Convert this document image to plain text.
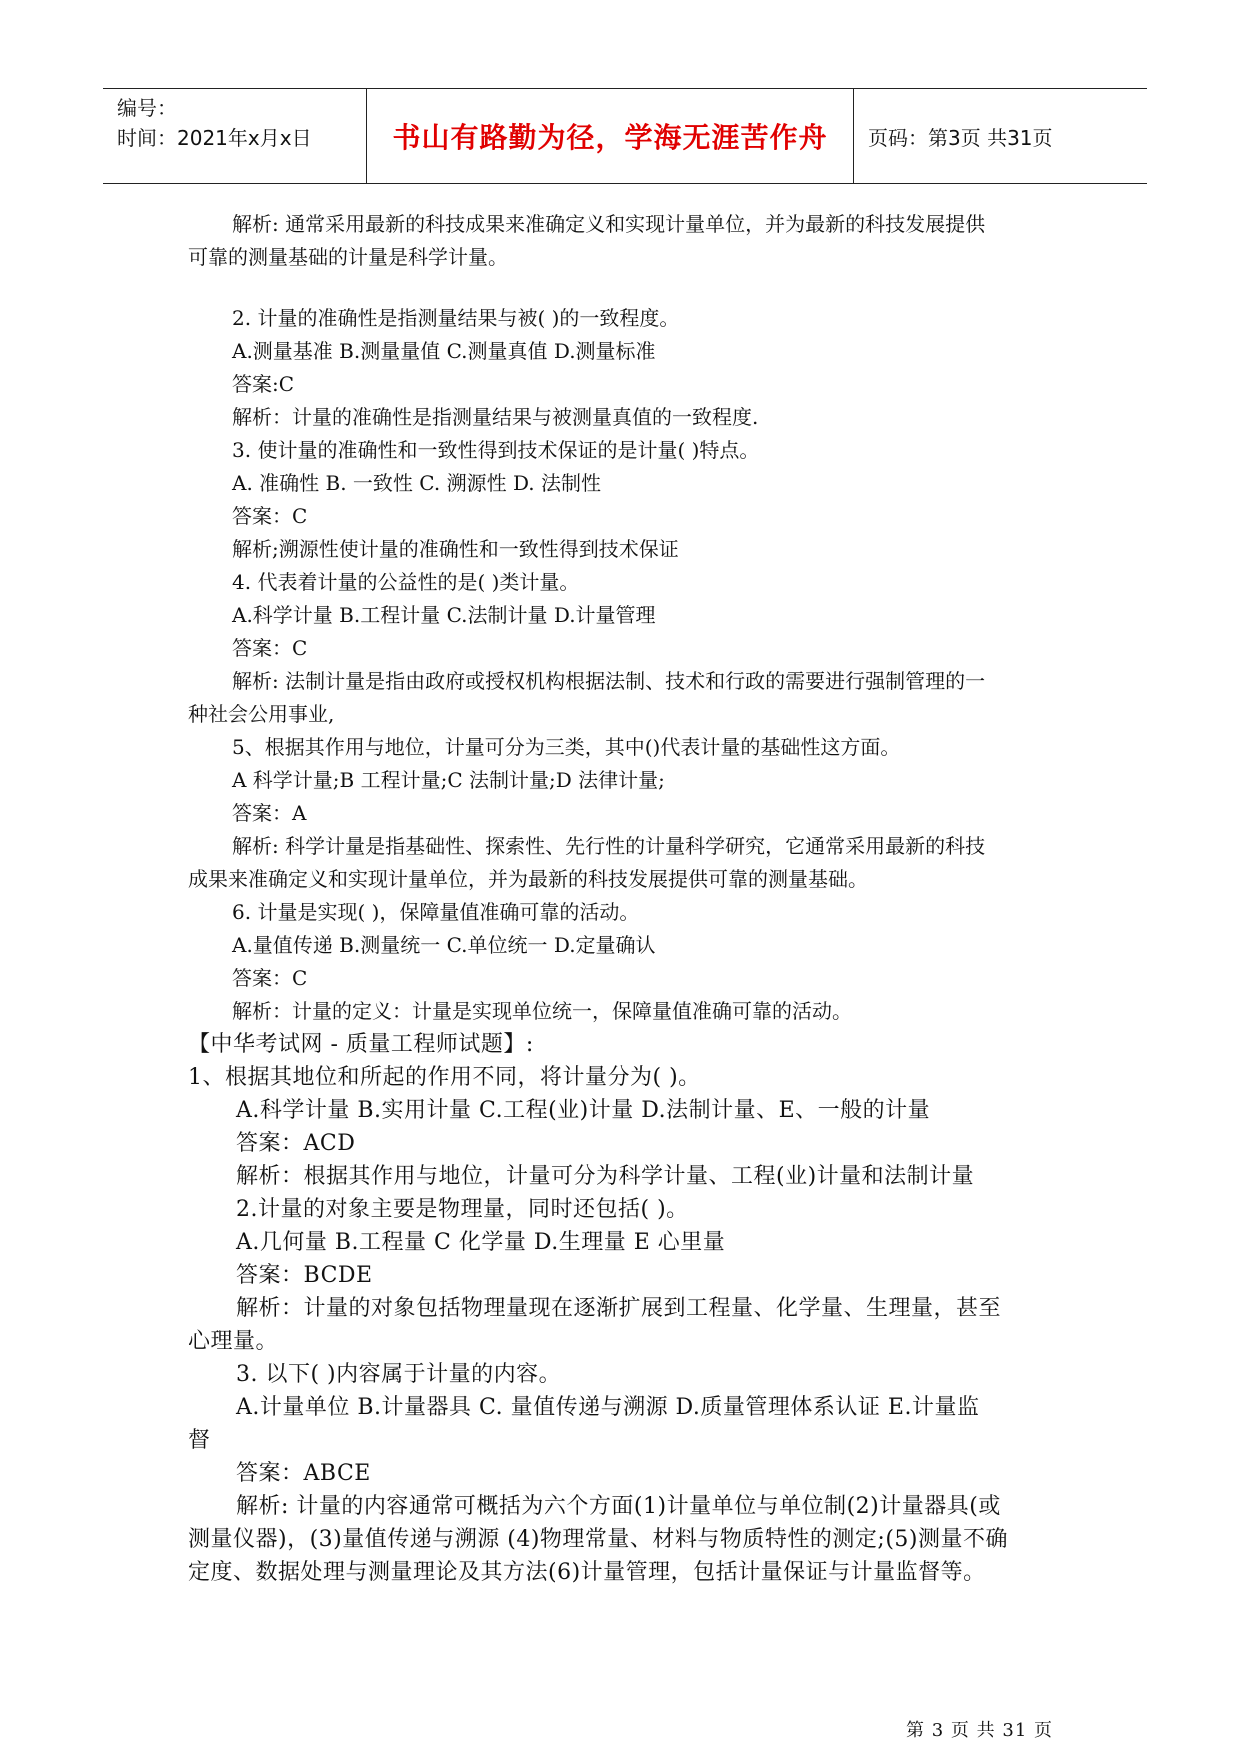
编号：
时间：2021年x月x日	书山有路勤为径，学海无涯苦作舟	页码：第3页 共31页

解析: 通常采用最新的科技成果来准确定义和实现计量单位，并为最新的科技发展提供

可靠的测量基础的计量是科学计量。

2. 计量的准确性是指测量结果与被( )的一致程度。

A.测量基准 B.测量量值 C.测量真值 D.测量标准

答案:C

解析：计量的准确性是指测量结果与被测量真值的一致程度.

3. 使计量的准确性和一致性得到技术保证的是计量( )特点。

A. 准确性 B. 一致性 C. 溯源性 D. 法制性

答案：C

解析;溯源性使计量的准确性和一致性得到技术保证

4. 代表着计量的公益性的是( )类计量。

A.科学计量 B.工程计量 C.法制计量 D.计量管理

答案：C

解析: 法制计量是指由政府或授权机构根据法制、技术和行政的需要进行强制管理的一

种社会公用事业,

5、根据其作用与地位，计量可分为三类，其中()代表计量的基础性这方面。

A 科学计量;B 工程计量;C 法制计量;D 法律计量;

答案：A

解析: 科学计量是指基础性、探索性、先行性的计量科学研究，它通常采用最新的科技

成果来准确定义和实现计量单位，并为最新的科技发展提供可靠的测量基础。

6. 计量是实现( )，保障量值准确可靠的活动。

A.量值传递 B.测量统一 C.单位统一 D.定量确认

答案：C

解析：计量的定义：计量是实现单位统一，保障量值准确可靠的活动。

【中华考试网 - 质量工程师试题】:

1、根据其地位和所起的作用不同，将计量分为( )。

A.科学计量 B.实用计量 C.工程(业)计量 D.法制计量、E、一般的计量

答案：ACD

解析：根据其作用与地位，计量可分为科学计量、工程(业)计量和法制计量

2.计量的对象主要是物理量，同时还包括( )。

A.几何量 B.工程量 C 化学量 D.生理量 E 心里量

答案：BCDE

解析：计量的对象包括物理量现在逐渐扩展到工程量、化学量、生理量，甚至

心理量。

3. 以下( )内容属于计量的内容。

A.计量单位 B.计量器具 C. 量值传递与溯源 D.质量管理体系认证 E.计量监

督

答案：ABCE

解析: 计量的内容通常可概括为六个方面(1)计量单位与单位制(2)计量器具(或

测量仪器)，(3)量值传递与溯源 (4)物理常量、材料与物质特性的测定;(5)测量不确

定度、数据处理与测量理论及其方法(6)计量管理，包括计量保证与计量监督等。

第 3 页 共 31 页
